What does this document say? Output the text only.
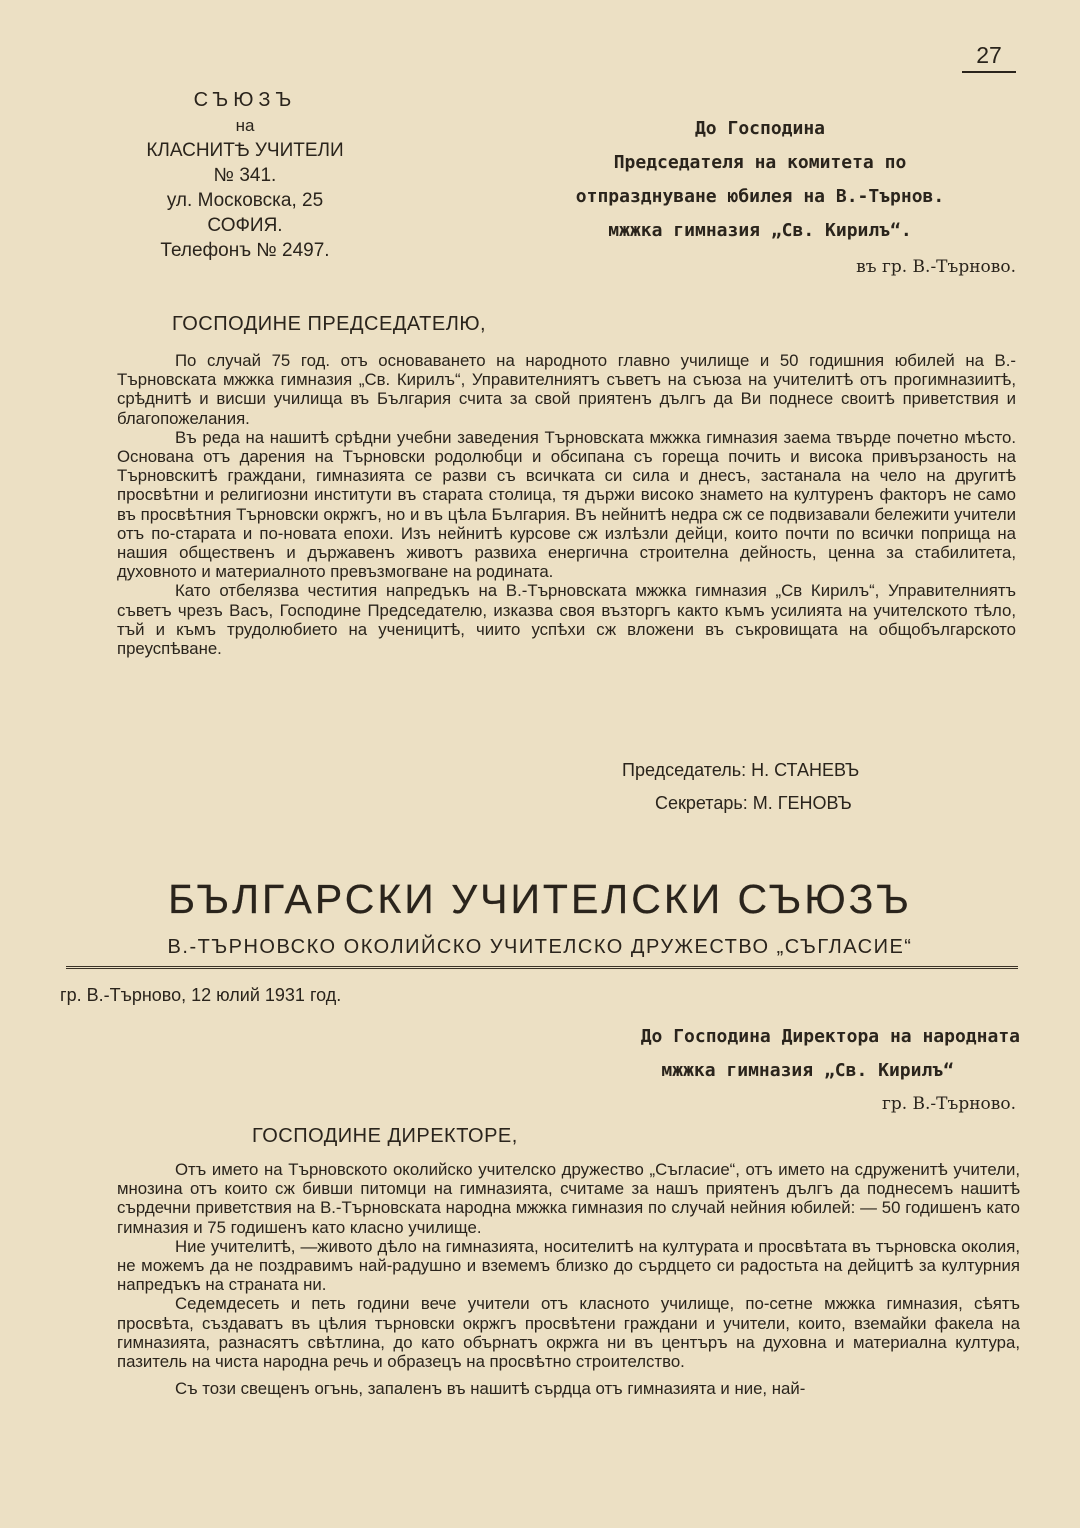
27
СЪЮЗЪ
на
КЛАСНИТѢ УЧИТЕЛИ
№ 341.
ул. Московска, 25
СОФИЯ.
Телефонъ № 2497.
До Господина
Председателя на комитета по
отпразднуване юбилея на В.-Търнов.
мжжка гимназия „Св. Кирилъ“.
въ гр. В.-Търново.
ГОСПОДИНЕ ПРЕДСЕДАТЕЛЮ,

По случай 75 год. отъ основаването на народното главно училище и 50 годишния юбилей на В.-Търновската мжжка гимназия „Св. Кирилъ“, Управителниятъ съветъ на съюза на учителитѣ отъ прогимназиитѣ, срѣднитѣ и висши училища въ България счита за свой приятенъ дългъ да Ви поднесе своитѣ приветствия и благопожелания.

Въ реда на нашитѣ срѣдни учебни заведения Търновската мжжка гимназия заема твърде почетно мѣсто. Основана отъ дарения на Търновски родолюбци и обсипана съ гореща почить и висока привързаность на Търновскитѣ граждани, гимназията се разви съ всичката си сила и днесъ, застанала на чело на другитѣ просвѣтни и религиозни институти въ старата столица, тя държи високо знамето на културенъ факторъ не само въ просвѣтния Търновски окржгъ, но и въ цѣла България. Въ нейнитѣ недра сж се подвизавали бележити учители отъ по-старата и по-новата епохи. Изъ нейнитѣ курсове сж излѣзли дейци, които почти по всички поприща на нашия общественъ и държавенъ животъ развиха енергична строителна дейность, ценна за стабилитета, духовното и материалното превъзмогване на родината.

Като отбелязва честития напредъкъ на В.-Търновската мжжка гимназия „Св Кирилъ“, Управителниятъ съветъ чрезъ Васъ, Господине Председателю, изказва своя възторгъ както къмъ усилията на учителското тѣло, тъй и къмъ трудолюбието на ученицитѣ, чиито успѣхи сж вложени въ съкровищата на общобългарското преуспѣване.

Председатель: Н. СТАНЕВЪ
Секретарь: М. ГЕНОВЪ
БЪЛГАРСКИ УЧИТЕЛСКИ СЪЮЗЪ
В.-ТЪРНОВСКО ОКОЛИЙСКО УЧИТЕЛСКО ДРУЖЕСТВО „СЪГЛАСИЕ“
гр. В.-Търново, 12 юлий 1931 год.
До Господина Директора на народната
мжжка гимназия „Св. Кирилъ“
гр. В.-Търново.
ГОСПОДИНЕ ДИРЕКТОРЕ,

Отъ името на Търновското околийско учителско дружество „Съгласие“, отъ името на сдруженитѣ учители, мнозина отъ които сж бивши питомци на гимназията, считаме за нашъ приятенъ дългъ да поднесемъ нашитѣ сърдечни приветствия на В.-Търновската народна мжжка гимназия по случай нейния юбилей: — 50 годишенъ като гимназия и 75 годишенъ като класно училище.

Ние учителитѣ, —живото дѣло на гимназията, носителитѣ на културата и просвѣтата въ търновска околия, не можемъ да не поздравимъ най-радушно и вземемъ близко до сърдцето си радостьта на дейцитѣ за културния напредъкъ на страната ни.

Седемдесеть и петь години вече учители отъ класното училище, по-сетне мжжка гимназия, сѣятъ просвѣта, създаватъ въ цѣлия търновски окржгъ просвѣтени граждани и учители, които, вземайки факела на гимназията, разнасятъ свѣтлина, до като обърнатъ окржга ни въ центъръ на духовна и материална култура, пазитель на чиста народна речь и образецъ на просвѣтно строителство.

Съ този свещенъ огънь, запаленъ въ нашитѣ сърдца отъ гимназията и ние, най-
